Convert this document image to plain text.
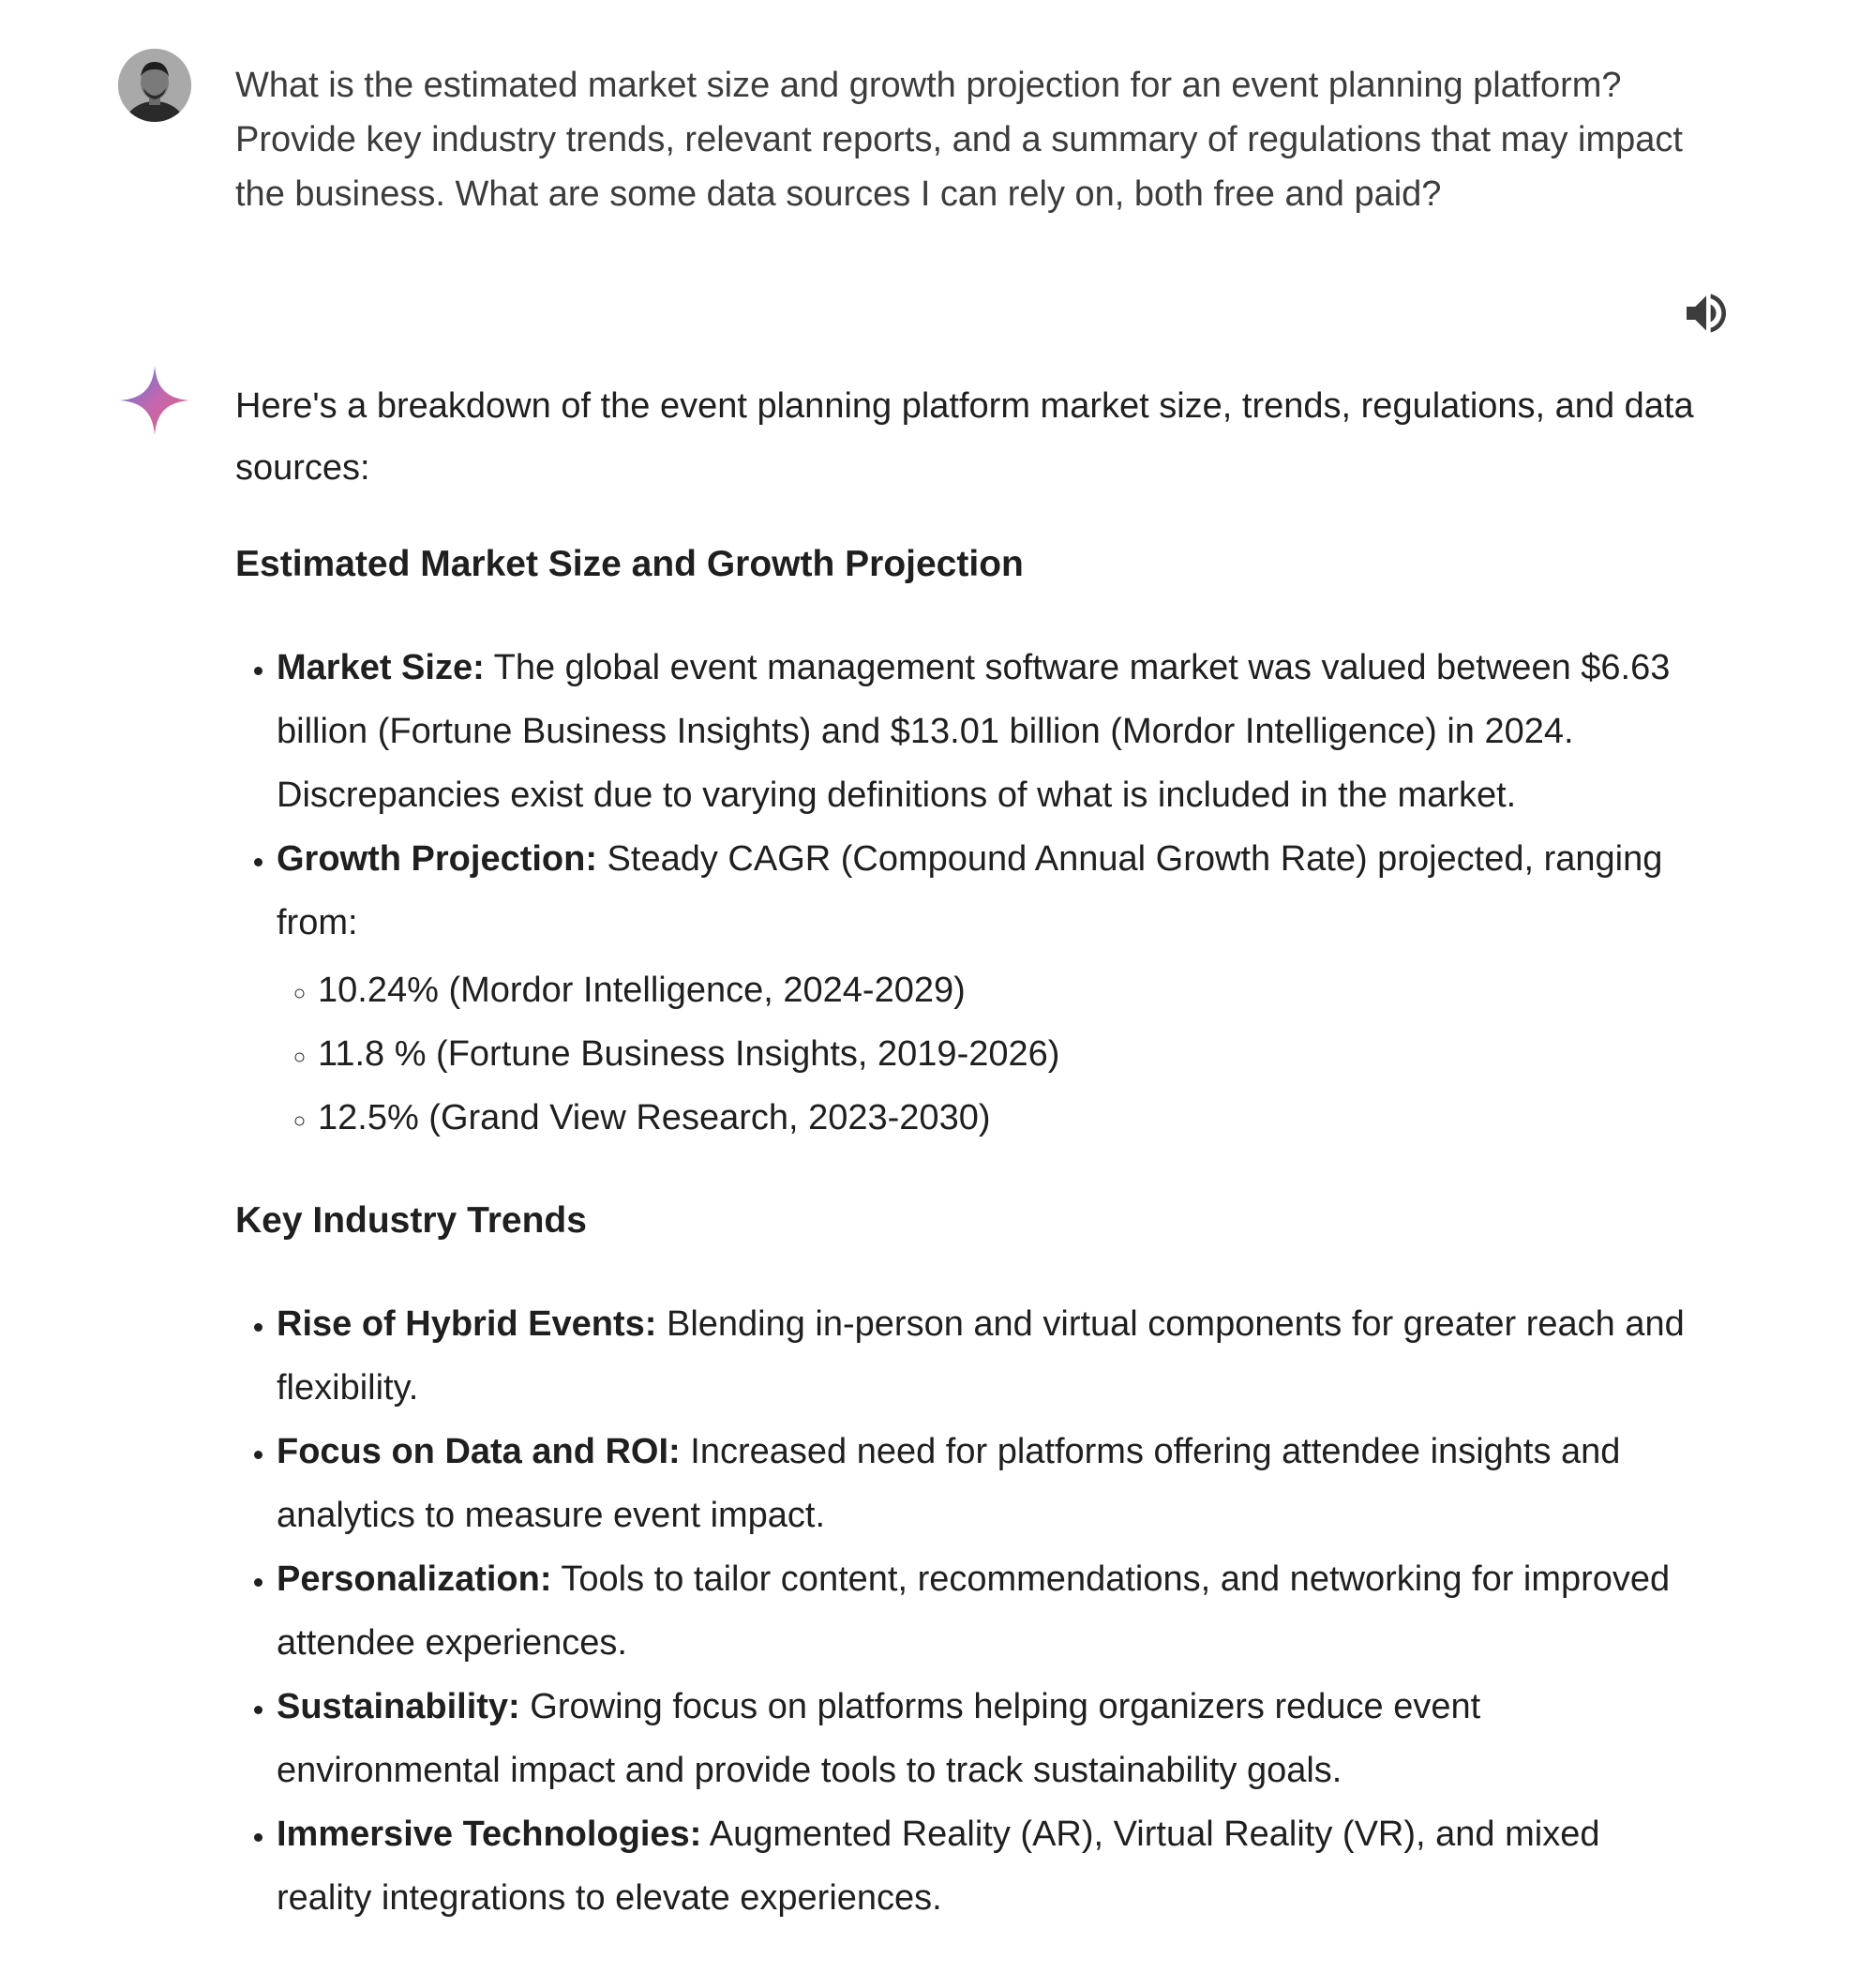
What is the estimated market size and growth projection for an event planning platform? Provide key industry trends, relevant reports, and a summary of regulations that may impact the business. What are some data sources I can rely on, both free and paid?

Here's a breakdown of the event planning platform market size, trends, regulations, and data sources:

Estimated Market Size and Growth Projection
• Market Size: The global event management software market was valued between $6.63 billion (Fortune Business Insights) and $13.01 billion (Mordor Intelligence) in 2024. Discrepancies exist due to varying definitions of what is included in the market.
• Growth Projection: Steady CAGR (Compound Annual Growth Rate) projected, ranging from:
◦ 10.24% (Mordor Intelligence, 2024-2029)
◦ 11.8 % (Fortune Business Insights, 2019-2026)
◦ 12.5% (Grand View Research, 2023-2030)
Key Industry Trends
• Rise of Hybrid Events: Blending in-person and virtual components for greater reach and flexibility.
• Focus on Data and ROI: Increased need for platforms offering attendee insights and analytics to measure event impact.
• Personalization: Tools to tailor content, recommendations, and networking for improved attendee experiences.
• Sustainability: Growing focus on platforms helping organizers reduce event environmental impact and provide tools to track sustainability goals.
• Immersive Technologies: Augmented Reality (AR), Virtual Reality (VR), and mixed reality integrations to elevate experiences.
